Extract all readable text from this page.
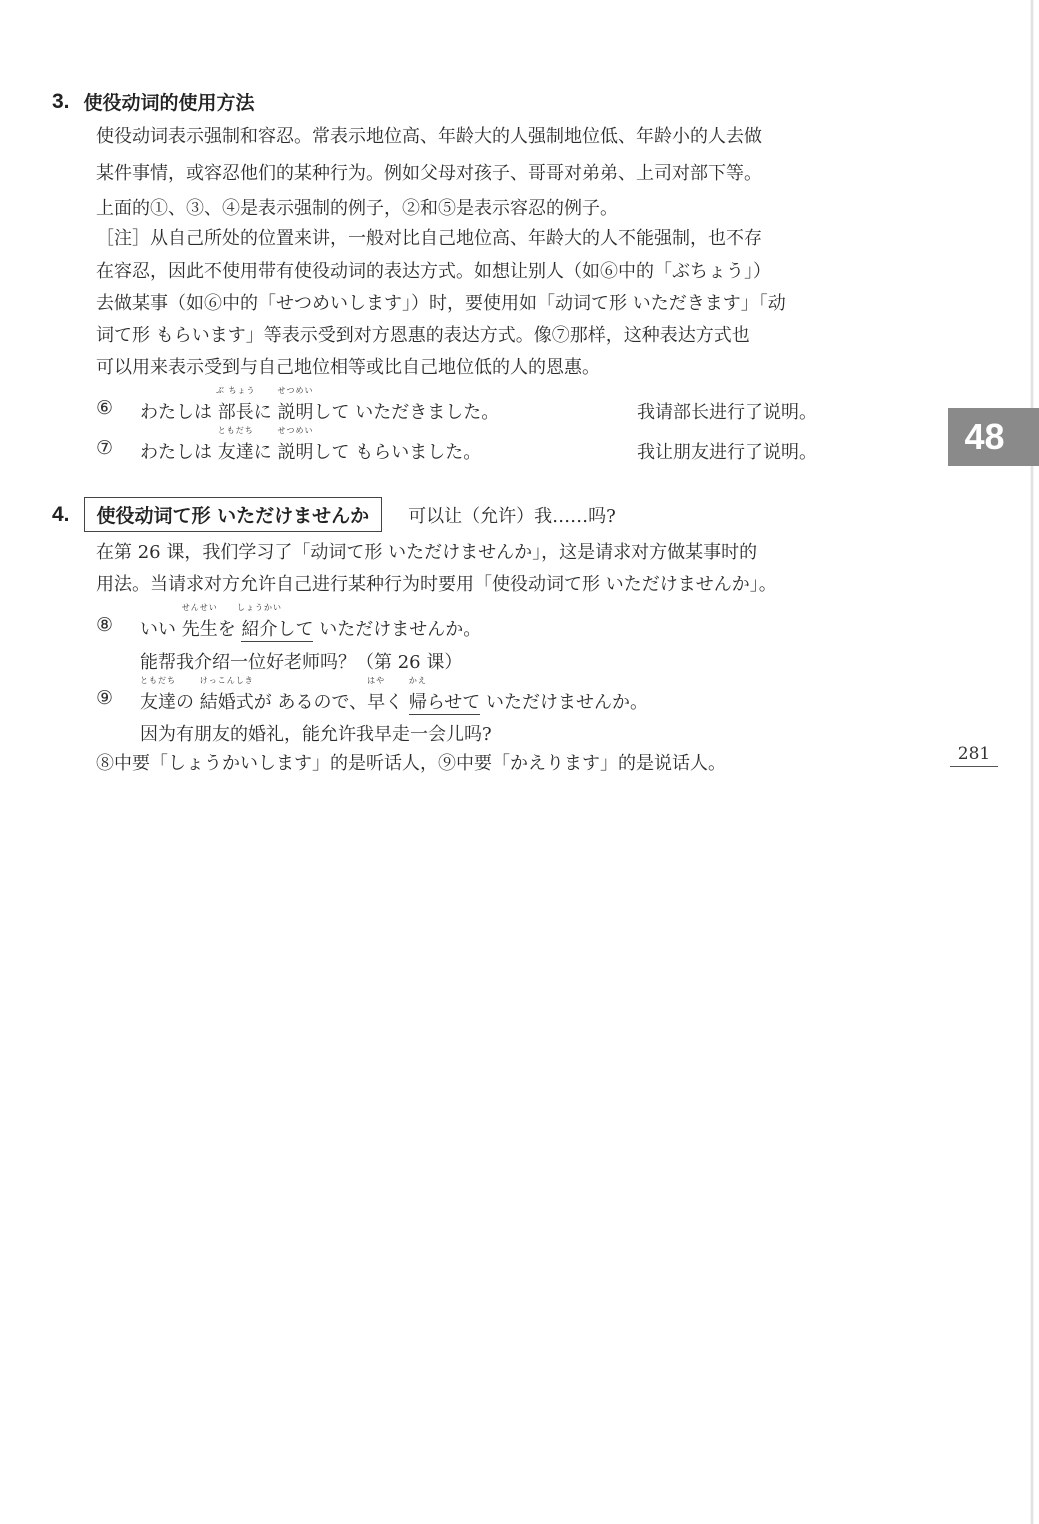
3. 使役动词的使用方法
使役动词表示强制和容忍。常表示地位高、年龄大的人强制地位低、年龄小的人去做
某件事情，或容忍他们的某种行为。例如父母对孩子、哥哥对弟弟、上司对部下等。
上面的①、③、④是表示强制的例子，②和⑤是表示容忍的例子。
［注］从自己所处的位置来讲，一般对比自己地位高、年龄大的人不能强制，也不存
在容忍，因此不使用带有使役动词的表达方式。如想让别人（如⑥中的「ぶちょう」）
去做某事（如⑥中的「せつめいします」）时，要使用如「动词て形 いただきます」「动
词て形 もらいます」等表示受到对方恩惠的表达方式。像⑦那样，这种表达方式也
可以用来表示受到与自己地位相等或比自己地位低的人的恩惠。
⑥ わたしは 部長
ぶ ちょう
に 説明
せつめい
して いただきました。	我请部长进行了说明。
⑦ わたしは 友達
ともだち
に 説明
せつめい
して もらいました。	我让朋友进行了说明。	48
4.	使役动词て形 いただけませんか	可以让（允许）我……吗?
在第 26 课，我们学习了「动词て形 いただけませんか」，这是请求对方做某事时的
用法。当请求对方允许自己进行某种行为时要用「使役动词て形 いただけませんか」。
⑧ いい 先生
せんせい
を 紹介
しょうかい
して いただけませんか。
能帮我介绍一位好老师吗？（第 26 课）
⑨ 友達
ともだち
の 結婚式
けっこんしき
が あるので、早
はや
く 帰
かえ
らせて いただけませんか。
因为有朋友的婚礼，能允许我早走一会儿吗?
⑧中要「しょうかいします」的是听话人，⑨中要「かえります」的是说话人。	281
